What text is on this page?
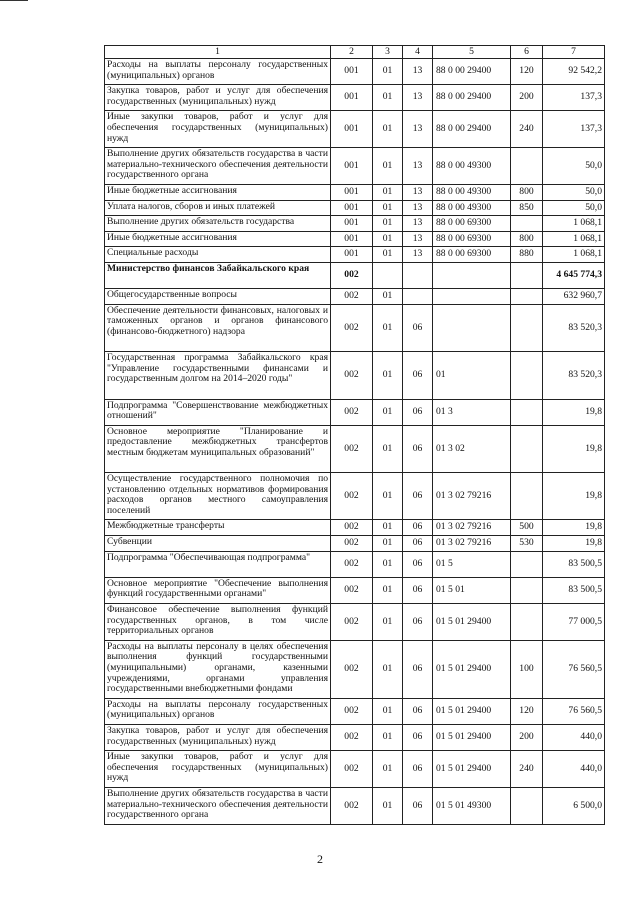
1	2	3	4	5	6	7
Расходы на выплаты персоналу государственных (муниципальных) органов	001	01	13	88 0 00 29400	120	92 542,2
Закупка товаров, работ и услуг для обеспечения государственных (муниципальных) нужд	001	01	13	88 0 00 29400	200	137,3
Иные закупки товаров, работ и услуг для обеспечения государственных (муниципальных) нужд	001	01	13	88 0 00 29400	240	137,3
Выполнение других обязательств государства в части материально-технического обеспечения деятельности государственного органа	001	01	13	88 0 00 49300		50,0
Иные бюджетные ассигнования	001	01	13	88 0 00 49300	800	50,0
Уплата налогов, сборов и иных платежей	001	01	13	88 0 00 49300	850	50,0
Выполнение других обязательств государства	001	01	13	88 0 00 69300		1 068,1
Иные бюджетные ассигнования	001	01	13	88 0 00 69300	800	1 068,1
Специальные расходы	001	01	13	88 0 00 69300	880	1 068,1
Министерство финансов Забайкальского края	002					4 645 774,3
Общегосударственные вопросы	002	01				632 960,7
Обеспечение деятельности финансовых, налоговых и таможенных органов и органов финансового (финансово-бюджетного) надзора	002	01	06			83 520,3
Государственная программа Забайкальского края "Управление государственными финансами и государственным долгом на 2014–2020 годы"	002	01	06	01		83 520,3
Подпрограмма "Совершенствование межбюджетных отношений"	002	01	06	01 3		19,8
Основное мероприятие "Планирование и предоставление межбюджетных трансфертов местным бюджетам муниципальных образований"	002	01	06	01 3 02		19,8
Осуществление государственного полномочия по установлению отдельных нормативов формирования расходов органов местного самоуправления поселений	002	01	06	01 3 02 79216		19,8
Межбюджетные трансферты	002	01	06	01 3 02 79216	500	19,8
Субвенции	002	01	06	01 3 02 79216	530	19,8
Подпрограмма "Обеспечивающая подпрограмма"	002	01	06	01 5		83 500,5
Основное мероприятие "Обеспечение выполнения функций государственными органами"	002	01	06	01 5 01		83 500,5
Финансовое обеспечение выполнения функций государственных органов, в том числе территориальных органов	002	01	06	01 5 01 29400		77 000,5
Расходы на выплаты персоналу в целях обеспечения выполнения функций государственными (муниципальными) органами, казенными учреждениями, органами управления государственными внебюджетными фондами	002	01	06	01 5 01 29400	100	76 560,5
Расходы на выплаты персоналу государственных (муниципальных) органов	002	01	06	01 5 01 29400	120	76 560,5
Закупка товаров, работ и услуг для обеспечения государственных (муниципальных) нужд	002	01	06	01 5 01 29400	200	440,0
Иные закупки товаров, работ и услуг для обеспечения государственных (муниципальных) нужд	002	01	06	01 5 01 29400	240	440,0
Выполнение других обязательств государства в части материально-технического обеспечения деятельности государственного органа	002	01	06	01 5 01 49300		6 500,0
2
